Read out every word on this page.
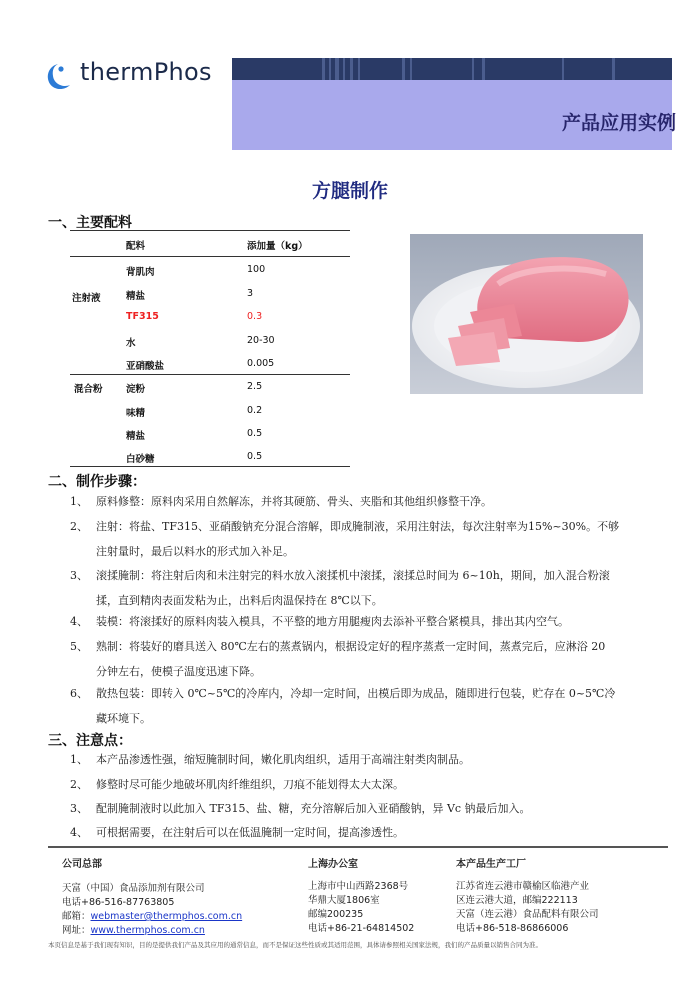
thermPhos
产品应用实例
方腿制作
一、主要配料
配料	添加量（kg）
注射液
背肌肉	100
精盐	3
TF315	0.3
水	20-30
亚硝酸盐	0.005
混合粉 淀粉	2.5
味精	0.2
精盐	0.5
白砂糖	0.5
二、制作步骤：
1、 原料修整：原料肉采用自然解冻，并将其硬筋、骨头、夹脂和其他组织修整干净。
2、 注射：将盐、TF315、亚硝酸钠充分混合溶解，即成腌制液，采用注射法，每次注射率为15%~30%。不够
注射量时，最后以料水的形式加入补足。
3、 滚揉腌制：将注射后肉和未注射完的料水放入滚揉机中滚揉，滚揉总时间为 6~10h，期间，加入混合粉滚
揉，直到精肉表面发粘为止，出料后肉温保持在 8℃以下。
4、 装模：将滚揉好的原料肉装入模具，不平整的地方用腿瘦肉去添补平整合紧模具，排出其内空气。
5、 熟制：将装好的磨具送入 80℃左右的蒸煮锅内，根据设定好的程序蒸煮一定时间，蒸煮完后，应淋浴 20
分钟左右，使模子温度迅速下降。
6、 散热包装：即转入 0℃~5℃的冷库内，冷却一定时间，出模后即为成品，随即进行包装，贮存在 0~5℃冷
藏环境下。
三、注意点：
1、 本产品渗透性强，缩短腌制时间，嫩化肌肉组织，适用于高端注射类肉制品。
2、 修整时尽可能少地破坏肌肉纤维组织，刀痕不能划得太大太深。
3、 配制腌制液时以此加入 TF315、盐、糖，充分溶解后加入亚硝酸钠，异 Vc 钠最后加入。
4、 可根据需要，在注射后可以在低温腌制一定时间，提高渗透性。
公司总部
天富（中国）食品添加剂有限公司
电话+86-516-87763805
邮箱：webmaster@thermphos.com.cn
网址：www.thermphos.com.cn
上海办公室
上海市中山西路2368号
华鼎大厦1806室
邮编200235
电话+86-21-64814502
本产品生产工厂
江苏省连云港市赣榆区临港产业
区连云港大道，邮编222113
天富（连云港）食品配料有限公司
电话+86-518-86866006
本页信息是基于我们现有知识，目的是提供我们产品及其应用的通常信息，而不是保证这些性质或其适用范围，具体请参照相关国家法规，我们的产品质量以销售合同为准。
